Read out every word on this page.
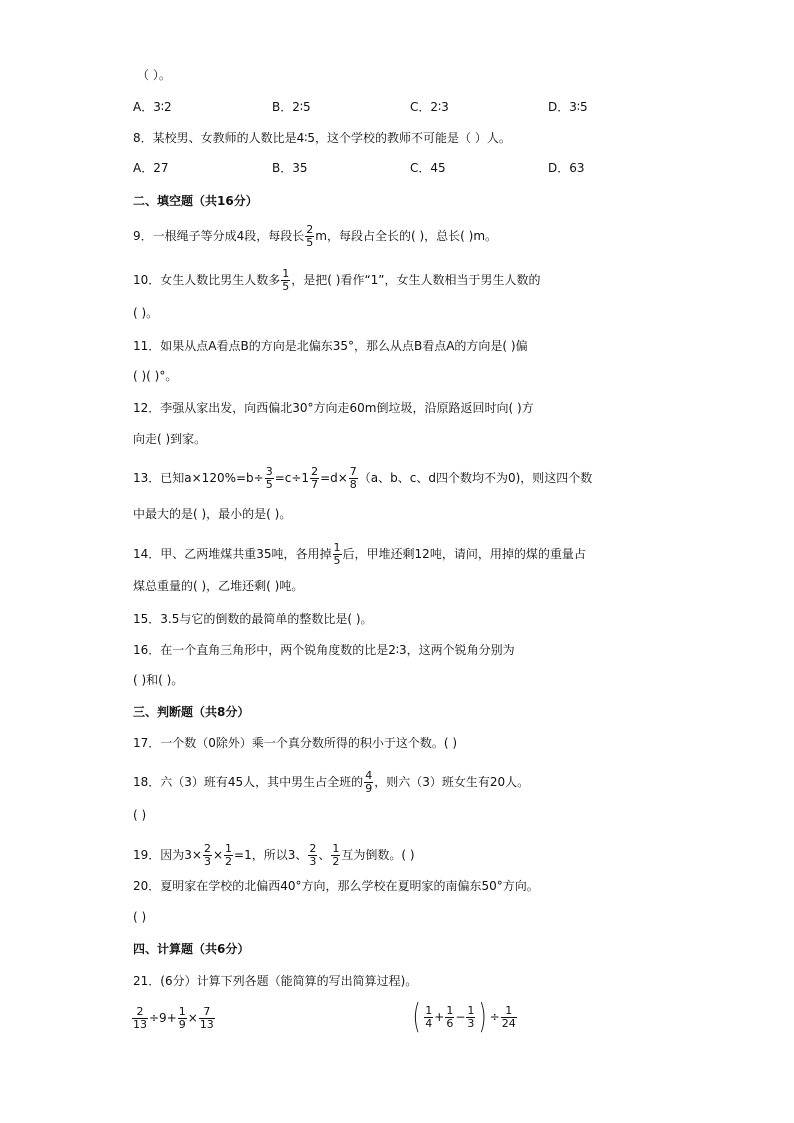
（ ）。
A．3∶2	B．2∶5	C．2∶3	D．3∶5
8．某校男、女教师的人数比是4∶5，这个学校的教师不可能是（ ）人。
A．27	B．35	C．45	D．63
二、填空题（共16分）
9．一根绳子等分成4段，每段长 $\frac{2}{5}$ m，每段占全长的( )，总长( )m。
10．女生人数比男生人数多 $\frac{1}{5}$ ，是把( )看作“1”，女生人数相当于男生人数的
( )。
11．如果从点A看点B的方向是北偏东35°，那么从点B看点A的方向是( )偏
( )( )°。
12．李强从家出发，向西偏北30°方向走60m倒垃圾，沿原路返回时向( )方
向走( )到家。
13．已知$a\times 120\%=b\div \frac{3}{5} =c\div 1 \frac{2}{7} =d\times \frac{7}{8} (a$、b、c、d四个数均不为0)，则这四个数
中最大的是( )，最小的是( )。
14．甲、乙两堆煤共重35吨，各用掉 $\frac{1}{5}$ 后，甲堆还剩12吨，请问，用掉的煤的重量占
煤总重量的( )，乙堆还剩( )吨。
15．3.5与它的倒数的最简单的整数比是( )。
16．在一个直角三角形中，两个锐角度数的比是2∶3，这两个锐角分别为
( )和( )。
三、判断题（共8分）
17．一个数（0除外）乘一个真分数所得的积小于这个数。( )
18．六（3）班有45人，其中男生占全班的 $\frac{4}{9}$ ，则六（3）班女生有20人。
( )
19．因为$3\times \frac{2}{3} \times \frac{1}{2} =1$，所以3、 $\frac{2}{3}$ 、 $\frac{1}{2}$ 互为倒数。( )
20．夏明家在学校的北偏西40°方向，那么学校在夏明家的南偏东50°方向。
( )
四、计算题（共6分）
21．(6分）计算下列各题（能简算的写出简算过程)。
$\frac{2}{13} \div 9+ \frac{1}{9} \times \frac{7}{13}$	( $\frac{1}{4} + \frac{1}{6} - \frac{1}{3}$ ) ÷ $\frac{1}{24}$
